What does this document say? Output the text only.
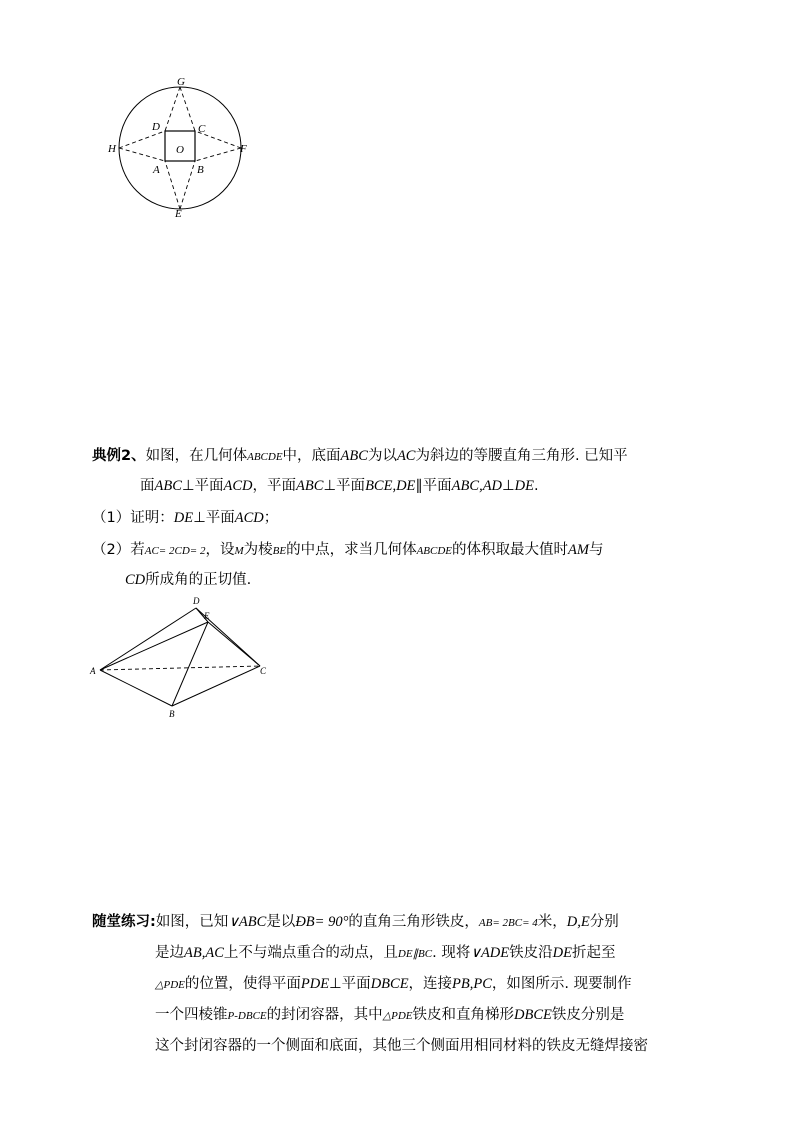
G
D	C
H	O	F
A	B
E
典例2、如图，在几何体ABCDE中，底面ABC为以AC为斜边的等腰直角三角形. 已知平
面ABC⊥平面ACD，平面ABC⊥平面BCE,DE∥平面ABC,AD⊥DE.
（1）证明：DE⊥平面ACD；
（2）若AC= 2CD= 2，设M为棱BE的中点，求当几何体ABCDE的体积取最大值时AM与
CD所成角的正切值.
D
E
A	C
B
随堂练习:如图，已知∨ABC是以ÐB= 90°的直角三角形铁皮，AB= 2BC= 4米，D,E分别
是边AB,AC上不与端点重合的动点，且DE∥BC. 现将∨ADE铁皮沿DE折起至
△PDE的位置，使得平面PDE⊥平面DBCE，连接PB,PC，如图所示. 现要制作
一个四棱锥P-DBCE的封闭容器，其中△PDE铁皮和直角梯形DBCE铁皮分别是
这个封闭容器的一个侧面和底面，其他三个侧面用相同材料的铁皮无缝焊接密
